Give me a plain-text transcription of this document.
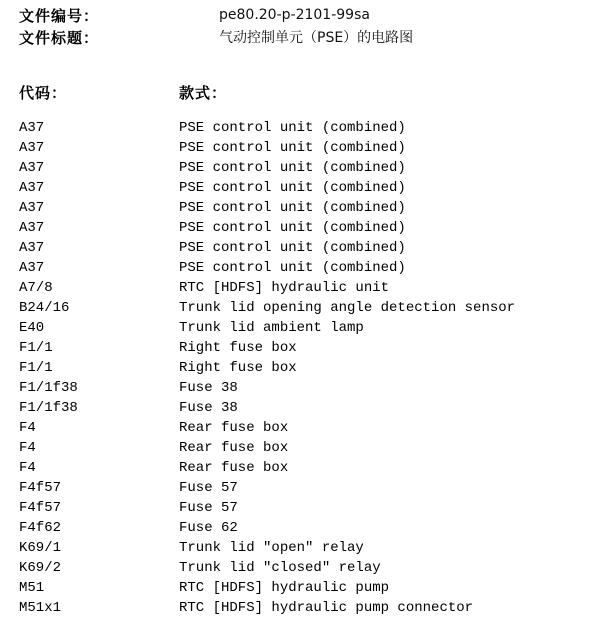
文件编号：	pe80.20-p-2101-99sa
文件标题：	气动控制单元（PSE）的电路图
代码：	款式：
A37	PSE control unit (combined)
A37	PSE control unit (combined)
A37	PSE control unit (combined)
A37	PSE control unit (combined)
A37	PSE control unit (combined)
A37	PSE control unit (combined)
A37	PSE control unit (combined)
A37	PSE control unit (combined)
A7/8	RTC [HDFS] hydraulic unit
B24/16	Trunk lid opening angle detection sensor
E40	Trunk lid ambient lamp
F1/1	Right fuse box
F1/1	Right fuse box
F1/1f38	Fuse 38
F1/1f38	Fuse 38
F4	Rear fuse box
F4	Rear fuse box
F4	Rear fuse box
F4f57	Fuse 57
F4f57	Fuse 57
F4f62	Fuse 62
K69/1	Trunk lid "open" relay
K69/2	Trunk lid "closed" relay
M51	RTC [HDFS] hydraulic pump
M51x1	RTC [HDFS] hydraulic pump connector
